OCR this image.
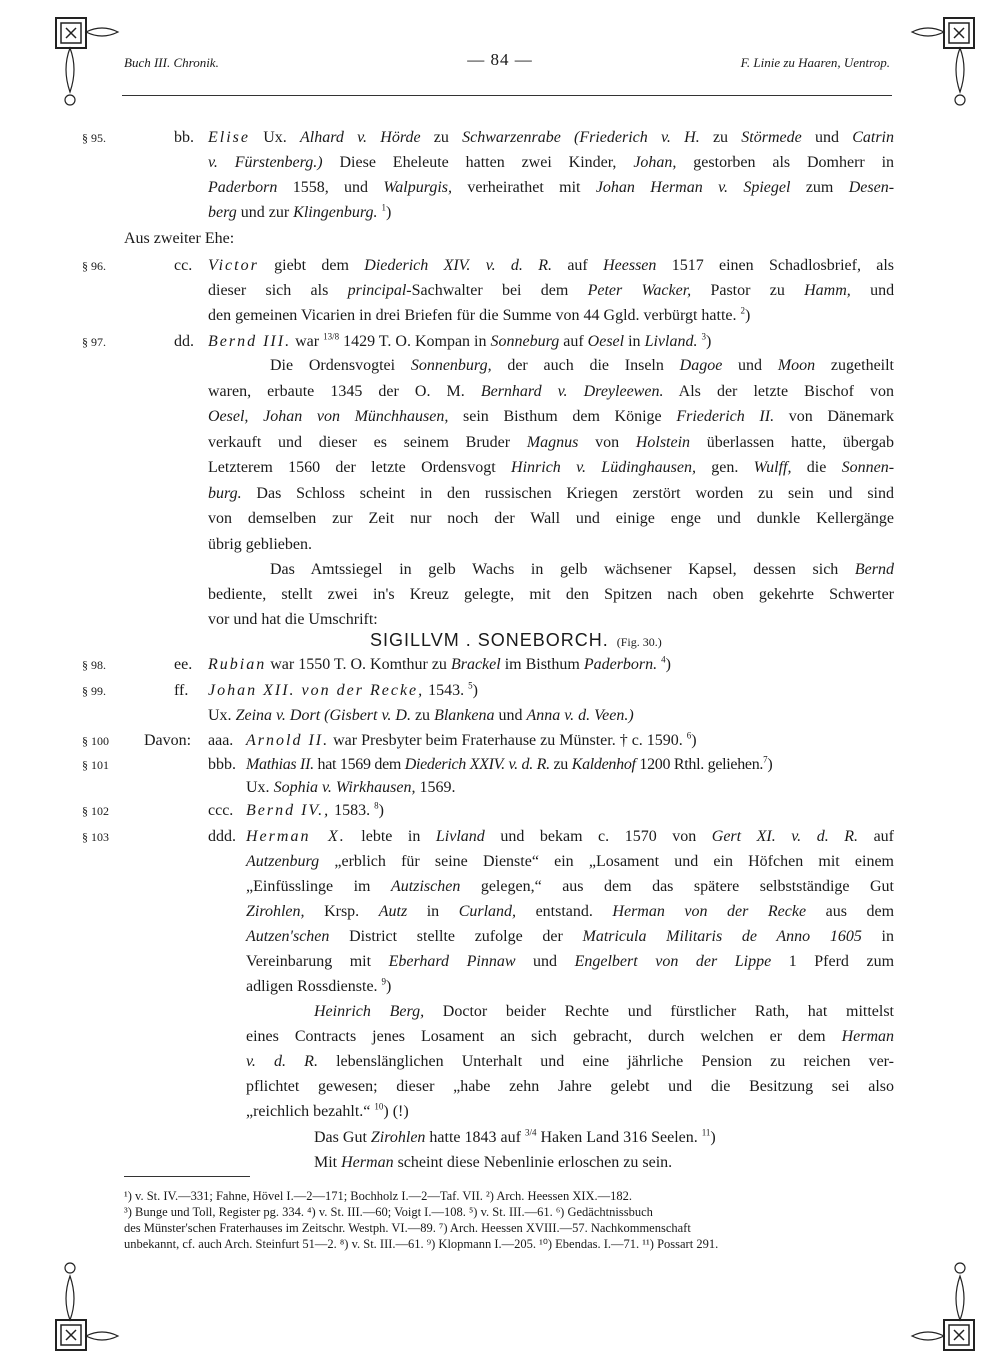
Buch III. Chronik.	— 84 —	F. Linie zu Haaren, Uentrop.
§ 95.
§ 96.
§ 97.
§ 98.
§ 99.
§ 100
§ 101
§ 102
§ 103
bb. Elise Ux. Alhard v. Hörde zu Schwarzenrabe (Friederich v. H. zu Störmede und Catrin
v. Fürstenberg.) Diese Eheleute hatten zwei Kinder, Johan, gestorben als Domherr in
Paderborn 1558, und Walpurgis, verheirathet mit Johan Herman v. Spiegel zum Desen-
berg und zur Klingenburg. $^1$)
Aus zweiter Ehe:
cc. Victor giebt dem Diederich XIV. v. d. R. auf Heessen 1517 einen Schadlosbrief, als
dieser sich als principal-Sachwalter bei dem Peter Wacker, Pastor zu Hamm, und
den gemeinen Vicarien in drei Briefen für die Summe von 44 Ggld. verbürgt hatte. $^2$)
dd. Bernd III. war $^{13/8}$ 1429 T. O. Kompan in Sonneburg auf Oesel in Livland. $^3$)
Die Ordensvogtei Sonnenburg, der auch die Inseln Dagoe und Moon zugetheilt
waren, erbaute 1345 der O. M. Bernhard v. Dreyleewen. Als der letzte Bischof von
Oesel, Johan von Münchhausen, sein Bisthum dem Könige Friederich II. von Dänemark
verkauft und dieser es seinem Bruder Magnus von Holstein überlassen hatte, übergab
Letzterem 1560 der letzte Ordensvogt Hinrich v. Lüdinghausen, gen. Wulff, die Sonnen-
burg. Das Schloss scheint in den russischen Kriegen zerstört worden zu sein und sind
von demselben zur Zeit nur noch der Wall und einige enge und dunkle Kellergänge
übrig geblieben.
Das Amtssiegel in gelb Wachs in gelb wächsener Kapsel, dessen sich Bernd
bediente, stellt zwei in's Kreuz gelegte, mit den Spitzen nach oben gekehrte Schwerter
vor und hat die Umschrift:
SIGILLVM . SONEBORCH. (Fig. 30.)
ee. Rubian war 1550 T. O. Komthur zu Brackel im Bisthum Paderborn. $^4$)
ff. Johan XII. von der Recke, 1543. $^5$)
Ux. Zeina v. Dort (Gisbert v. D. zu Blankena und Anna v. d. Veen.)
Davon: aaa. Arnold II. war Presbyter beim Fraterhause zu Münster. † c. 1590. $^6$)
bbb. Mathias II. hat 1569 dem Diederich XXIV. v. d. R. zu Kaldenhof 1200 Rthl. geliehen.$^7$)
Ux. Sophia v. Wirkhausen, 1569.
ccc. Bernd IV., 1583. $^8$)
ddd. Herman X. lebte in Livland und bekam c. 1570 von Gert XI. v. d. R. auf
Autzenburg „erblich für seine Dienste“ ein „Losament und ein Höfchen mit einem
„Einfüsslinge im Autzischen gelegen,“ aus dem das spätere selbstständige Gut
Zirohlen, Krsp. Autz in Curland, entstand. Herman von der Recke aus dem
Autzen'schen District stellte zufolge der Matricula Militaris de Anno 1605 in
Vereinbarung mit Eberhard Pinnaw und Engelbert von der Lippe 1 Pferd zum
adligen Rossdienste. $^9$)
Heinrich Berg, Doctor beider Rechte und fürstlicher Rath, hat mittelst
eines Contracts jenes Losament an sich gebracht, durch welchen er dem Herman
v. d. R. lebenslänglichen Unterhalt und eine jährliche Pension zu reichen ver-
pflichtet gewesen; dieser „habe zehn Jahre gelebt und die Besitzung sei also
„reichlich bezahlt.“ $^{10}$) (!)
Das Gut Zirohlen hatte 1843 auf $^{3/4}$ Haken Land 316 Seelen. $^{11}$)
Mit Herman scheint diese Nebenlinie erloschen zu sein.
¹) v. St. IV.—331; Fahne, Hövel I.—2—171; Bochholz I.—2—Taf. VII. ²) Arch. Heessen XIX.—182.
³) Bunge und Toll, Register pg. 334. ⁴) v. St. III.—60; Voigt I.—108. ⁵) v. St. III.—61. ⁶) Gedächtnissbuch
des Münster'schen Fraterhauses im Zeitschr. Westph. VI.—89. ⁷) Arch. Heessen XVIII.—57. Nachkommenschaft
unbekannt, cf. auch Arch. Steinfurt 51—2. ⁸) v. St. III.—61. ⁹) Klopmann I.—205. ¹⁰) Ebendas. I.—71. ¹¹) Possart 291.
